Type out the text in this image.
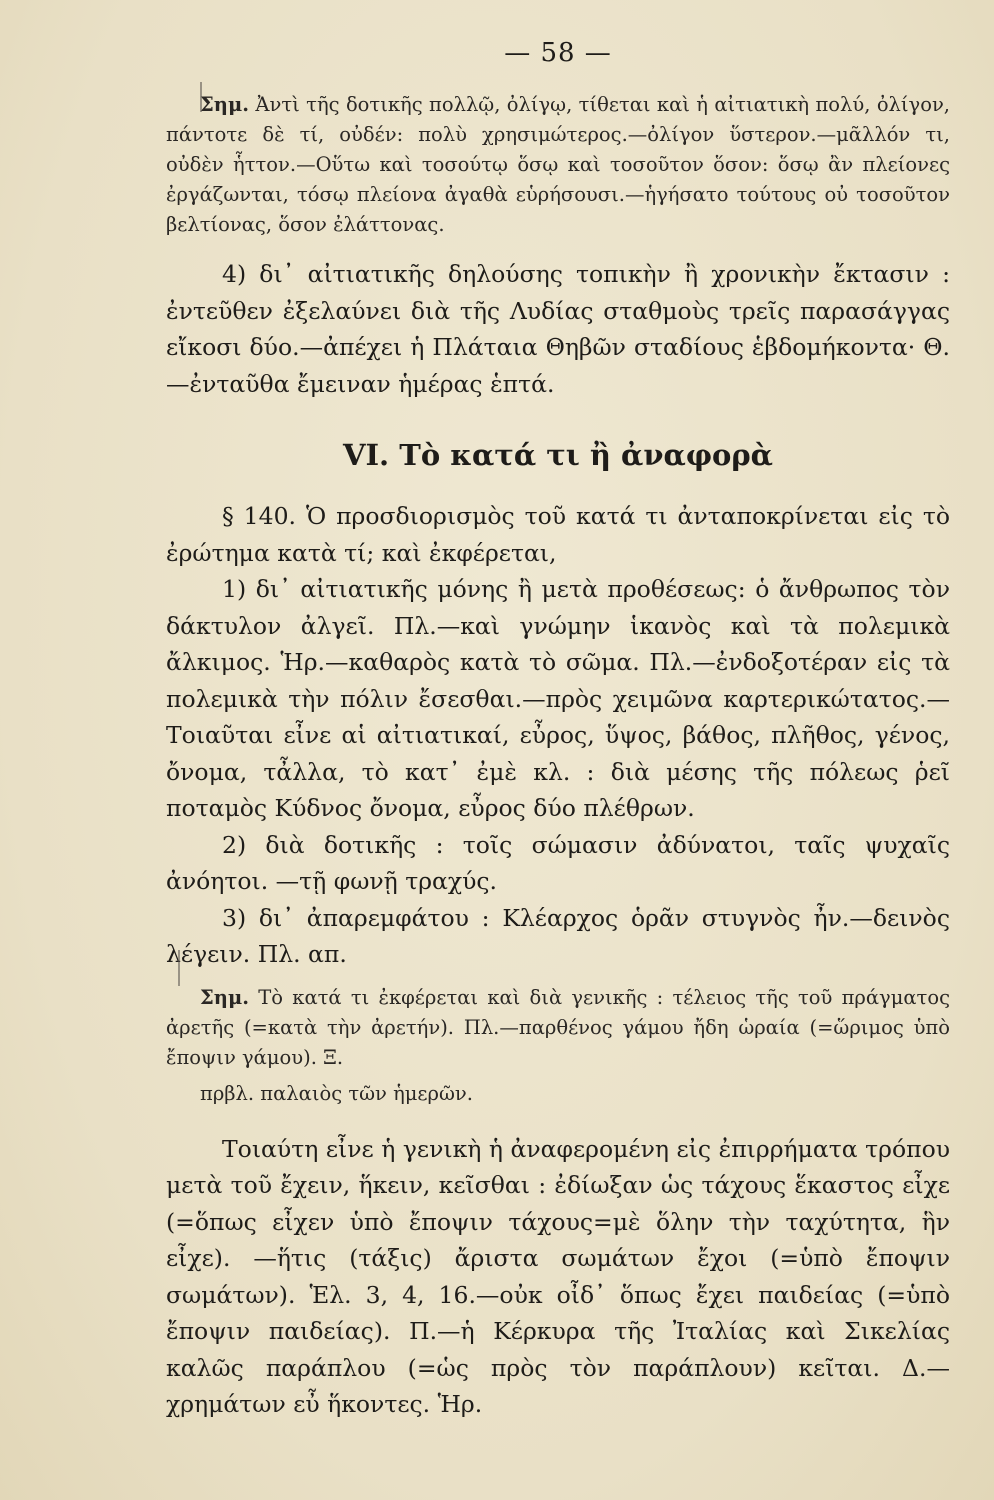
— 58 —

Σημ. Ἀντὶ τῆς δοτικῆς πολλῷ, ὀλίγῳ, τίθεται καὶ ἡ αἰτιατικὴ πολύ, ὀλίγον, πάντοτε δὲ τί, οὐδέν: πολὺ χρησιμώτερος.—ὀλίγον ὕστερον.—μᾶλλόν τι, οὐδὲν ἧττον.—Οὕτω καὶ τοσούτῳ ὅσῳ καὶ τοσοῦτον ὅσον: ὅσῳ ἂν πλείονες ἐργάζωνται, τόσῳ πλείονα ἀγαθὰ εὑρήσουσι.—ἡγήσατο τούτους οὐ τοσοῦτον βελτίονας, ὅσον ἐλάττονας.

4) δι᾽ αἰτιατικῆς δηλούσης τοπικὴν ἢ χρονικὴν ἔκτασιν : ἐντεῦθεν ἐξελαύνει διὰ τῆς Λυδίας σταθμοὺς τρεῖς παρασάγγας εἴκοσι δύο.—ἀπέχει ἡ Πλάταια Θηβῶν σταδίους ἑβδομήκοντα· Θ.—ἐνταῦθα ἔμειναν ἡμέρας ἑπτά.

VI. Τὸ κατά τι ἢ ἀναφορὰ

§ 140. Ὁ προσδιορισμὸς τοῦ κατά τι ἀνταποκρίνεται εἰς τὸ ἐρώτημα κατὰ τί; καὶ ἐκφέρεται,

1) δι᾽ αἰτιατικῆς μόνης ἢ μετὰ προθέσεως: ὁ ἄνθρωπος τὸν δάκτυλον ἀλγεῖ. Πλ.—καὶ γνώμην ἱκανὸς καὶ τὰ πολεμικὰ ἄλκιμος. Ἡρ.—καθαρὸς κατὰ τὸ σῶμα. Πλ.—ἐνδοξοτέραν εἰς τὰ πολεμικὰ τὴν πόλιν ἔσεσθαι.—πρὸς χειμῶνα καρτερικώτατος.— Τοιαῦται εἶνε αἱ αἰτιατικαί, εὖρος, ὕψος, βάθος, πλῆθος, γένος, ὄνομα, τἆλλα, τὸ κατ᾽ ἐμὲ κλ. : διὰ μέσης τῆς πόλεως ῥεῖ ποταμὸς Κύδνος ὄνομα, εὖρος δύο πλέθρων.

2) διὰ δοτικῆς : τοῖς σώμασιν ἀδύνατοι, ταῖς ψυχαῖς ἀνόητοι. —τῇ φωνῇ τραχύς.

3) δι᾽ ἀπαρεμφάτου : Κλέαρχος ὁρᾶν στυγνὸς ἦν.—δεινὸς λέγειν. Πλ. απ.

Σημ. Τὸ κατά τι ἐκφέρεται καὶ διὰ γενικῆς : τέλειος τῆς τοῦ πράγματος ἀρετῆς (=κατὰ τὴν ἀρετήν). Πλ.—παρθένος γάμου ἤδη ὡραία (=ὥριμος ὑπὸ ἔποψιν γάμου). Ξ.

πρβλ. παλαιὸς τῶν ἡμερῶν.

Τοιαύτη εἶνε ἡ γενικὴ ἡ ἀναφερομένη εἰς ἐπιρρήματα τρόπου μετὰ τοῦ ἔχειν, ἥκειν, κεῖσθαι : ἐδίωξαν ὡς τάχους ἕκαστος εἶχε (=ὅπως εἶχεν ὑπὸ ἔποψιν τάχους=μὲ ὅλην τὴν ταχύτητα, ἣν εἶχε). —ἥτις (τάξις) ἄριστα σωμάτων ἔχοι (=ὑπὸ ἔποψιν σωμάτων). Ἑλ. 3, 4, 16.—οὐκ οἶδ᾽ ὅπως ἔχει παιδείας (=ὑπὸ ἔποψιν παιδείας). Π.—ἡ Κέρκυρα τῆς Ἰταλίας καὶ Σικελίας καλῶς παράπλου (=ὡς πρὸς τὸν παράπλουν) κεῖται. Δ.—χρημάτων εὖ ἥκοντες. Ἡρ.
